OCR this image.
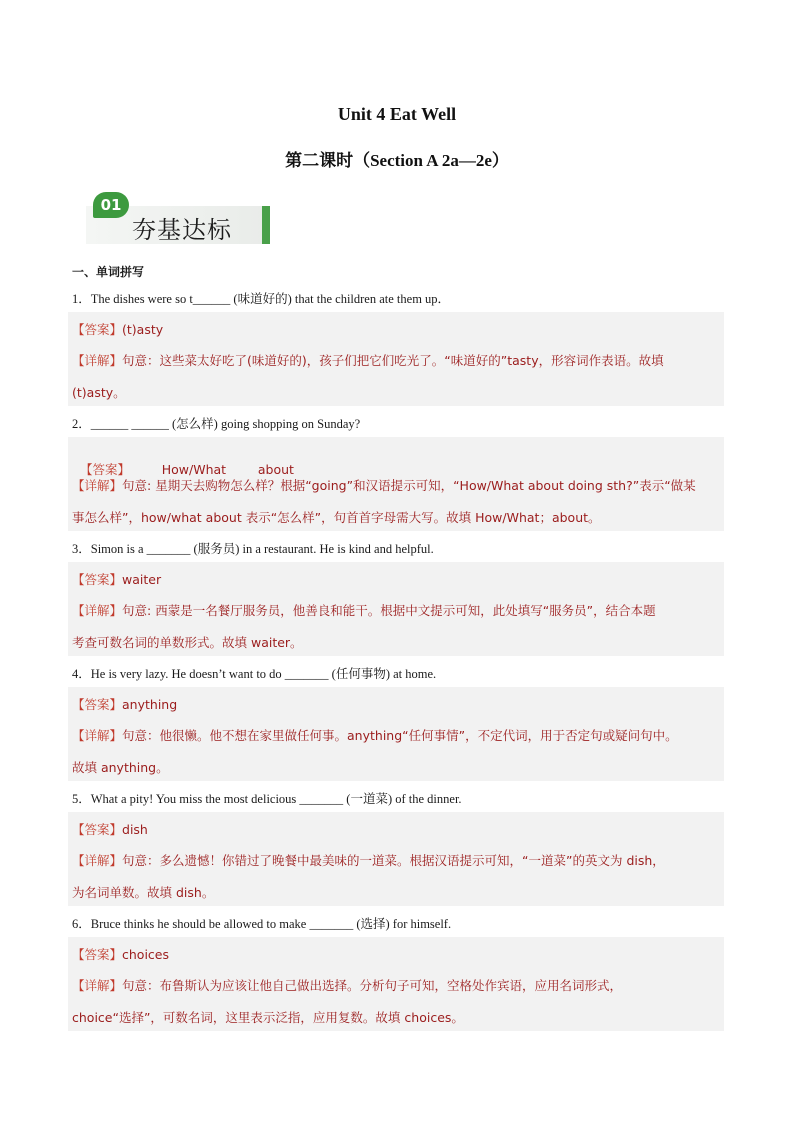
Unit 4 Eat Well
第二课时（Section A 2a—2e）
01
夯基达标
一、单词拼写
1．The dishes were so t______ (味道好的) that the children ate them up．
【答案】(t)asty
【详解】句意：这些菜太好吃了(味道好的)，孩子们把它们吃光了。“味道好的”tasty，形容词作表语。故填
(t)asty。
2．______ ______ (怎么样) going shopping on Sunday?

【答案】        How/What        about

【详解】句意: 星期天去购物怎么样？根据“going”和汉语提示可知，“How/What about doing sth?”表示“做某
事怎么样”，how/what about 表示“怎么样”，句首首字母需大写。故填 How/What；about。
3．Simon is a _______ (服务员) in a restaurant. He is kind and helpful.
【答案】waiter
【详解】句意: 西蒙是一名餐厅服务员，他善良和能干。根据中文提示可知，此处填写“服务员”，结合本题
考查可数名词的单数形式。故填 waiter。
4．He is very lazy. He doesn’t want to do _______ (任何事物) at home.
【答案】anything
【详解】句意：他很懒。他不想在家里做任何事。anything“任何事情”，不定代词，用于否定句或疑问句中。
故填 anything。
5．What a pity! You miss the most delicious _______ (一道菜) of the dinner.
【答案】dish
【详解】句意：多么遗憾！你错过了晚餐中最美味的一道菜。根据汉语提示可知，“一道菜”的英文为 dish，
为名词单数。故填 dish。
6．Bruce thinks he should be allowed to make _______ (选择) for himself.
【答案】choices
【详解】句意：布鲁斯认为应该让他自己做出选择。分析句子可知，空格处作宾语，应用名词形式，
choice“选择”，可数名词，这里表示泛指，应用复数。故填 choices。
